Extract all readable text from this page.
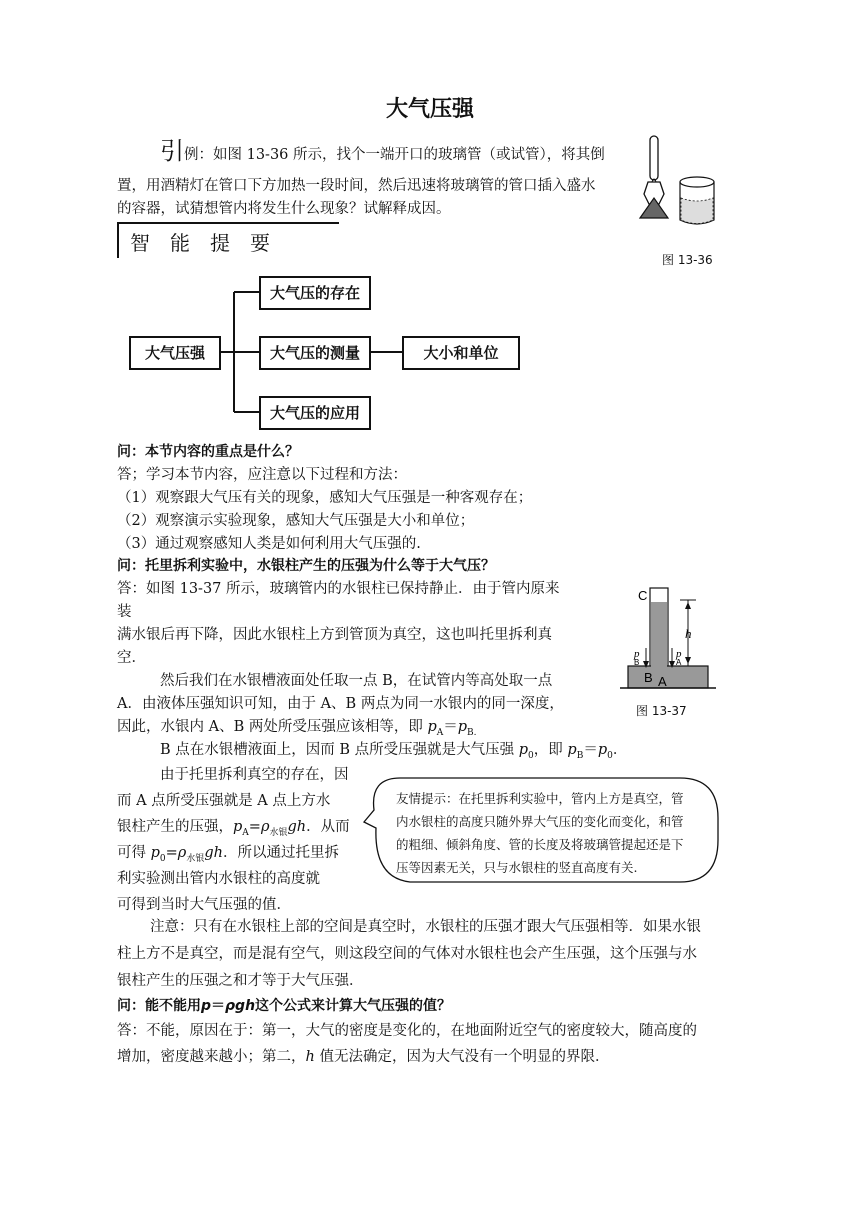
大气压强
引例：如图 13-36 所示，找个一端开口的玻璃管（或试管），将其倒
置，用酒精灯在管口下方加热一段时间，然后迅速将玻璃管的管口插入盛水
的容器，试猜想管内将发生什么现象？试解释成因。
图 13-36
智　能　提　要
大气压强
大气压的存在
大气压的测量
大气压的应用
大小和单位
问：本节内容的重点是什么？
答；学习本节内容，应注意以下过程和方法：
（1）观察跟大气压有关的现象，感知大气压强是一种客观存在；
（2）观察演示实验现象，感知大气压强是大小和单位；
（3）通过观察感知人类是如何利用大气压强的.
问：托里拆利实验中，水银柱产生的压强为什么等于大气压？
答：如图 13-37 所示，玻璃管内的水银柱已保持静止．由于管内原来
装
满水银后再下降，因此水银柱上方到管顶为真空，这也叫托里拆利真
空．
然后我们在水银槽液面处任取一点 B，在试管内等高处取一点
A．由液体压强知识可知，由于 A、B 两点为同一水银内的同一深度，
因此，水银内 A、B 两处所受压强应该相等，即 $p_A=p_{B.}$
B 点在水银槽液面上，因而 B 点所受压强就是大气压强 $p_0$，即 $p_B=p_0$．
由于托里拆利真空的存在，因
而 A 点所受压强就是 A 点上方水
银柱产生的压强，$p_A=\rho_{水银}gh$．从而
可得 $p_0=\rho_{水银}gh$．所以通过托里拆
利实验测出管内水银柱的高度就
可得到当时大气压强的值．
C
h
p
B
p
A
B A
图 13-37
友情提示：在托里拆利实验中，管内上方是真空，管
内水银柱的高度只随外界大气压的变化而变化，和管
的粗细、倾斜角度、管的长度及将玻璃管提起还是下
压等因素无关，只与水银柱的竖直高度有关.
注意：只有在水银柱上部的空间是真空时，水银柱的压强才跟大气压强相等．如果水银
柱上方不是真空，而是混有空气，则这段空间的气体对水银柱也会产生压强，这个压强与水
银柱产生的压强之和才等于大气压强．
问：能不能用p＝ρgh这个公式来计算大气压强的值？
答：不能，原因在于：第一，大气的密度是变化的，在地面附近空气的密度较大，随高度的
增加，密度越来越小；第二，h 值无法确定，因为大气没有一个明显的界限．
